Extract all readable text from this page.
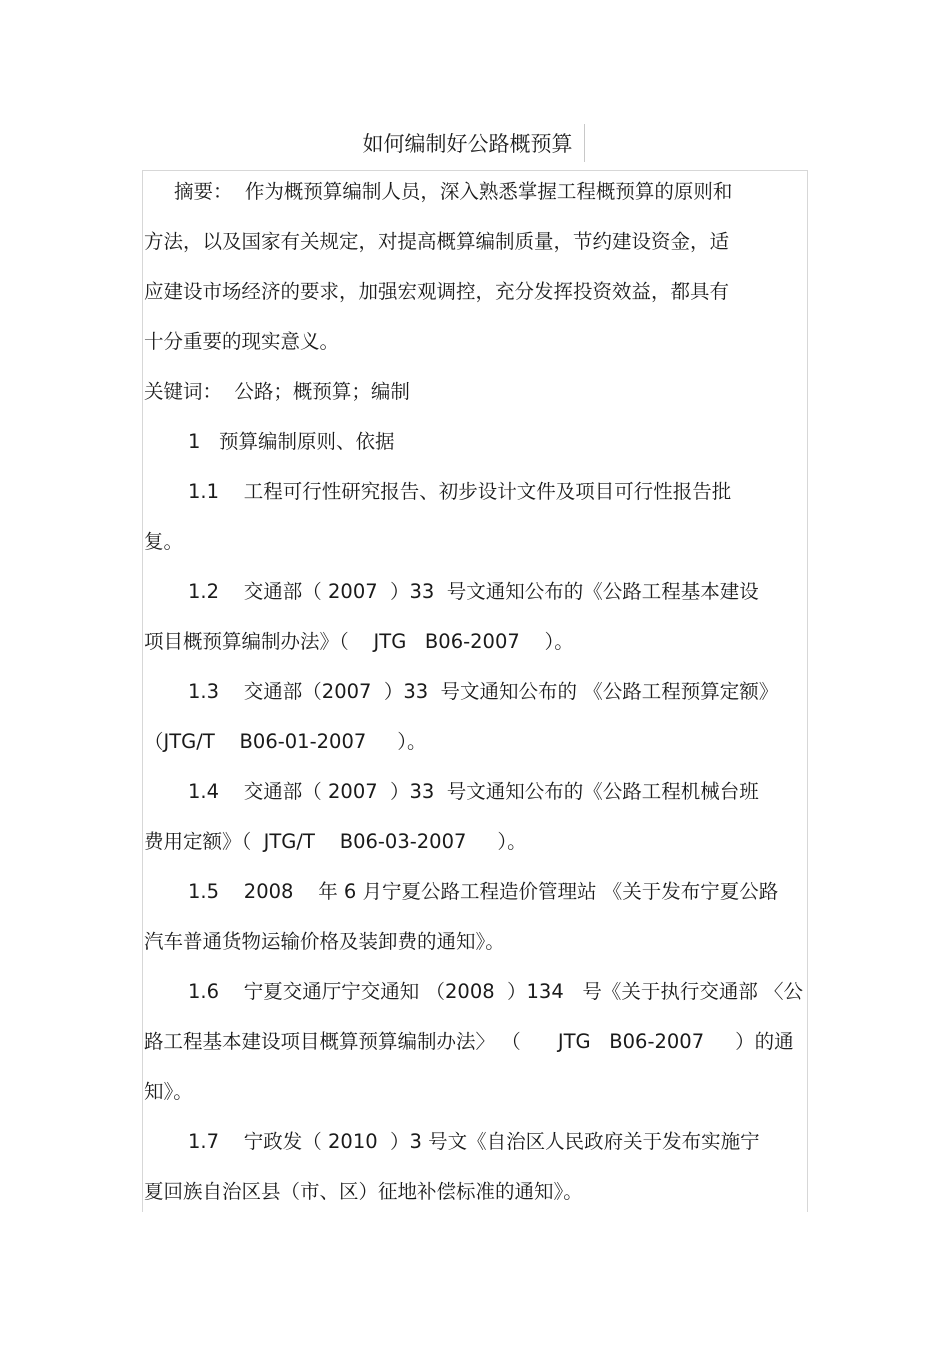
如何编制好公路概预算
摘要：  作为概预算编制人员，深入熟悉掌握工程概预算的原则和
方法，以及国家有关规定，对提高概算编制质量，节约建设资金，适
应建设市场经济的要求，加强宏观调控，充分发挥投资效益，都具有
十分重要的现实意义。
关键词：  公路；概预算；编制
1   预算编制原则、依据
1.1    工程可行性研究报告、初步设计文件及项目可行性报告批
复。
1.2    交通部（ 2007  ）33  号文通知公布的《公路工程基本建设
项目概预算编制办法》（    JTG   B06-2007    ）。
1.3    交通部（2007  ）33  号文通知公布的 《公路工程预算定额》
（JTG/T    B06-01-2007     ）。
1.4    交通部（ 2007  ）33  号文通知公布的《公路工程机械台班
费用定额》（  JTG/T    B06-03-2007     ）。
1.5    2008    年 6 月宁夏公路工程造价管理站 《关于发布宁夏公路
汽车普通货物运输价格及装卸费的通知》。
1.6    宁夏交通厅宁交通知 （2008  ）134   号《关于执行交通部 〈公
路工程基本建设项目概算预算编制办法〉 （      JTG   B06-2007     ）的通
知》。
1.7    宁政发（ 2010  ）3 号文《自治区人民政府关于发布实施宁
夏回族自治区县（市、区）征地补偿标准的通知》。
